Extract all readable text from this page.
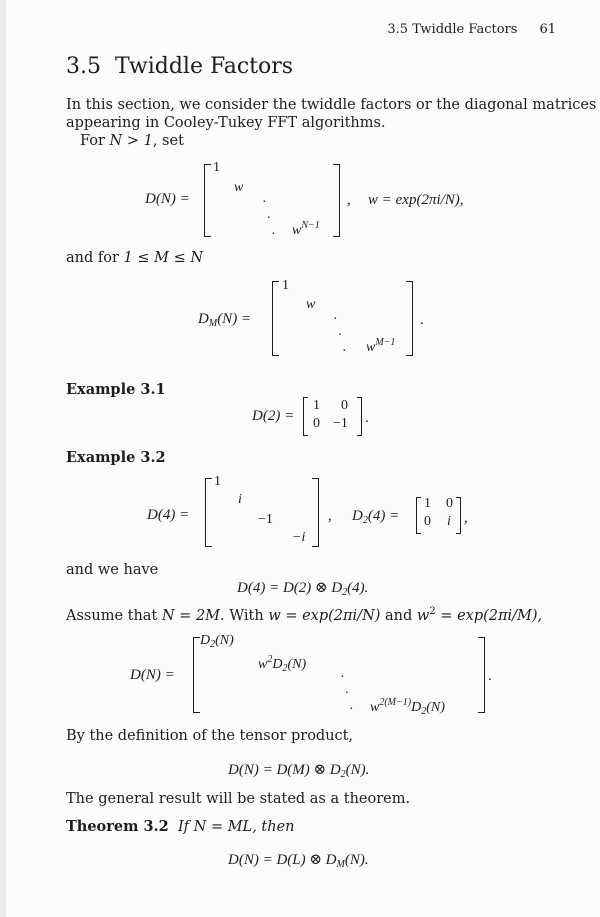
3.5 Twiddle Factors 61
3.5 Twiddle Factors
In this section, we consider the twiddle factors or the diagonal matrices
appearing in Cooley-Tukey FFT algorithms.
For N > 1, set
D(N) =
1
w
·
·
· $w^{N-1}$
, w = exp(2πi/N),
and for 1 ≤ M ≤ N
$D_M(N)$ =
1
w
·
·
· $w^{M-1}$
.
Example 3.1
D(2) =
1 0
0 −1 .
Example 3.2
D(4) =
1
i
−1
−i
, $D_2(4)$ =
1 0
0 i ,
and we have
D(4) = D(2) ⊗ $D_2(4)$.
Assume that N = 2M. With w = exp(2πi/N) and $w^2 = \exp(2\pi i/M)$,
D(N) =
$D_2(N)$
$w^2D_2(N)$
·
·
· $w^{2(M-1)}D_2(N)$
.
By the definition of the tensor product,
D(N) = D(M) ⊗ $D_2(N)$.
The general result will be stated as a theorem.
Theorem 3.2 If N = ML, then
D(N) = D(L) ⊗ $D_M(N)$.
